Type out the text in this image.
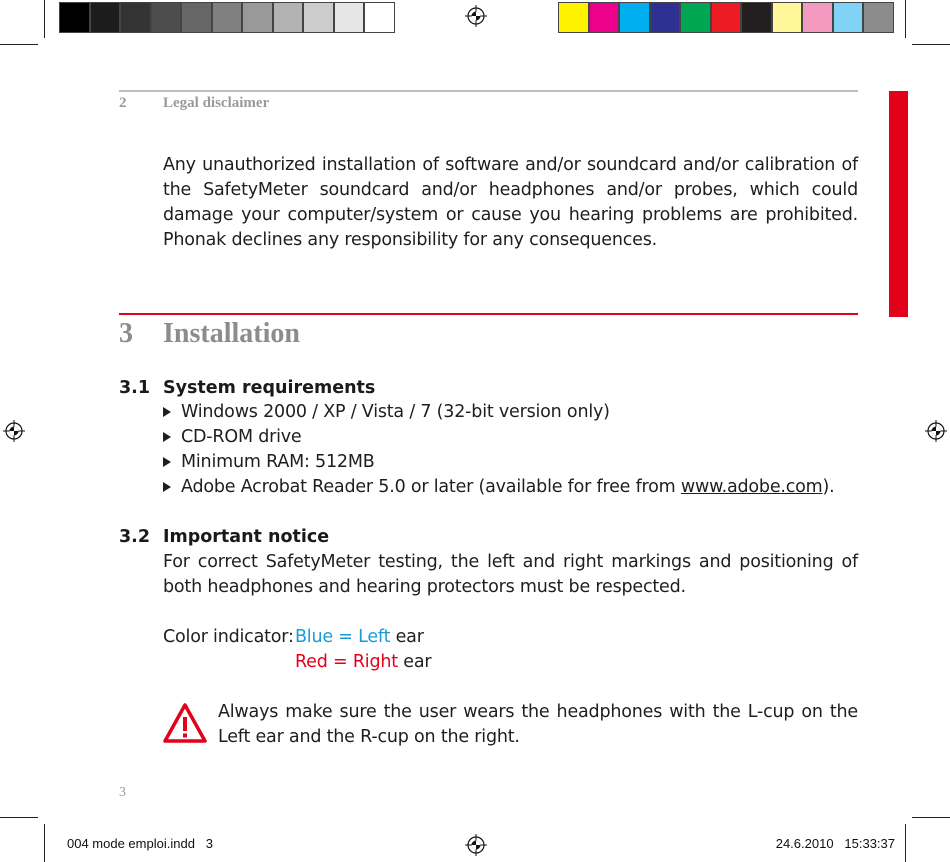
2 Legal disclaimer
Any unauthorized installation of software and/or soundcard and/or calibration of the SafetyMeter soundcard and/or headphones and/or probes, which could damage your computer/system or cause you hearing problems are prohibited. Phonak declines any responsibility for any consequences.
3 Installation
3.1 System requirements
Windows 2000 / XP / Vista / 7 (32-bit version only)
CD-ROM drive
Minimum RAM: 512MB
Adobe Acrobat Reader 5.0 or later (available for free from www.adobe.com).
3.2 Important notice
For correct SafetyMeter testing, the left and right markings and positioning of both headphones and hearing protectors must be respected.
Color indicator: Blue = Left ear
Red = Right ear
Always make sure the user wears the headphones with the L-cup on the Left ear and the R-cup on the right.
3
004 mode emploi.indd   3	24.6.2010   15:33:37
